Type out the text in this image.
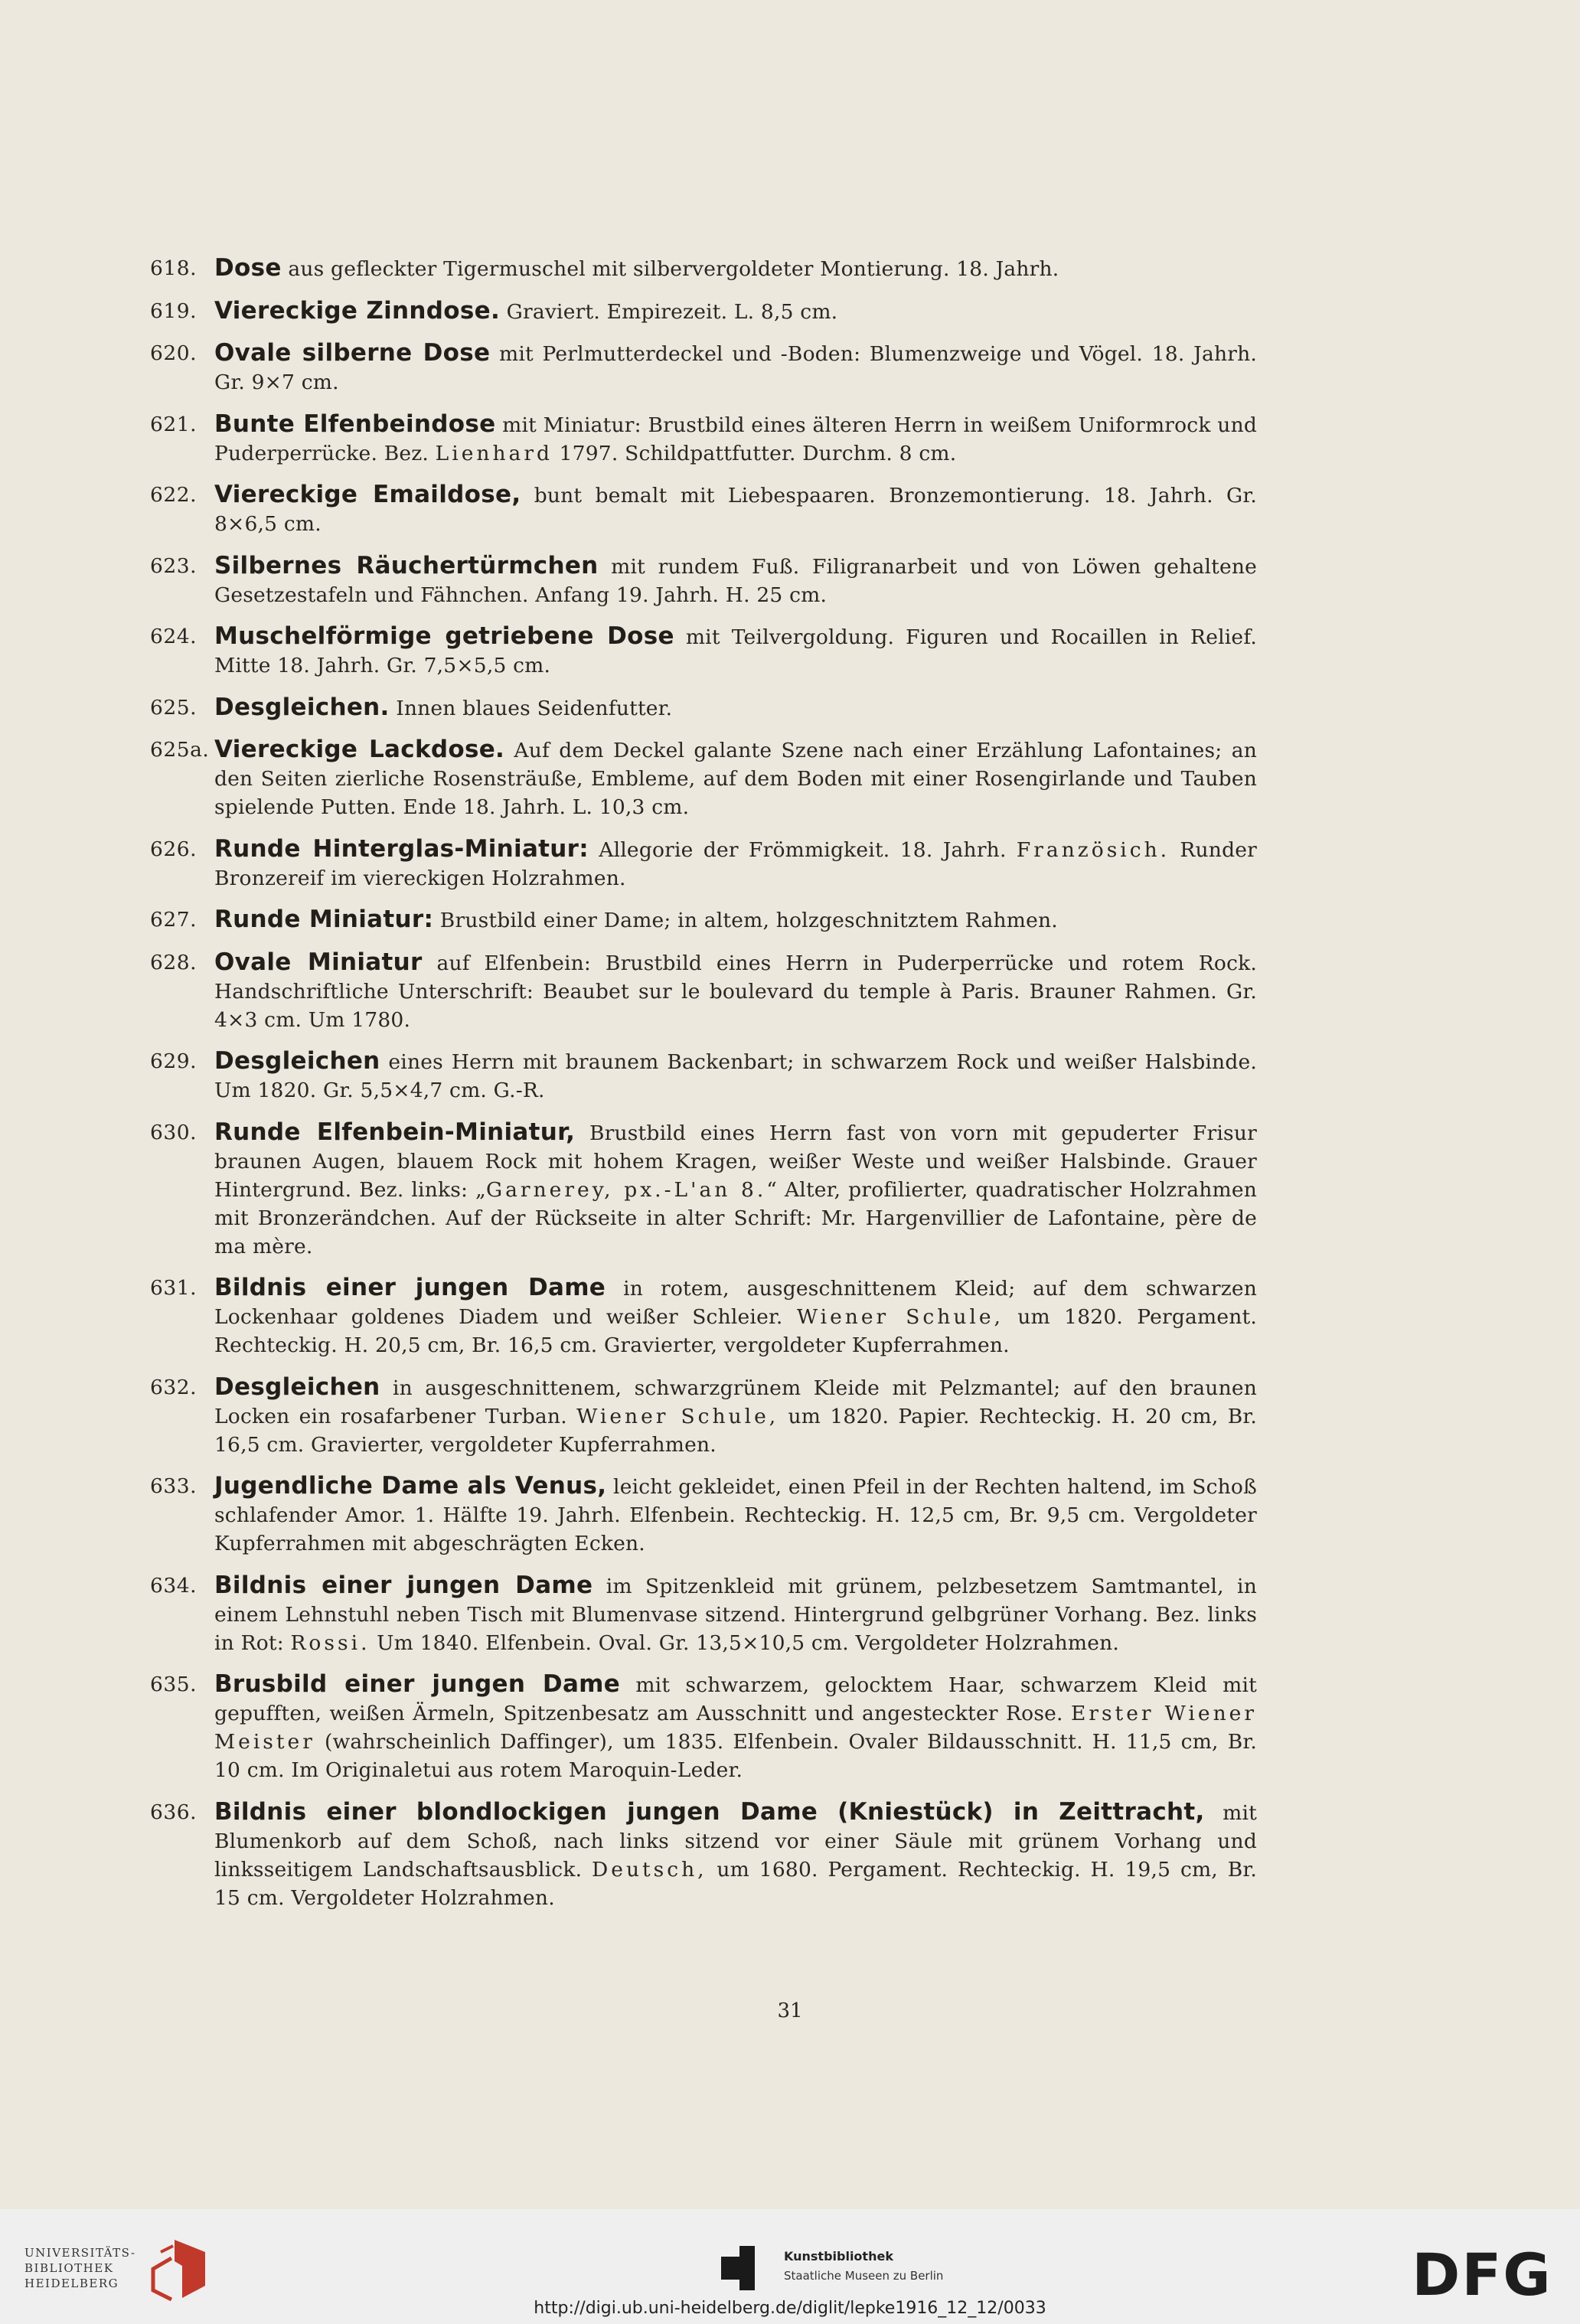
618. Dose aus gefleckter Tigermuschel mit silbervergoldeter Montierung. 18. Jahrh.
619. Viereckige Zinndose. Graviert. Empirezeit. L. 8,5 cm.
620. Ovale silberne Dose mit Perlmutterdeckel und -Boden: Blumenzweige und Vögel. 18. Jahrh. Gr. 9×7 cm.
621. Bunte Elfenbeindose mit Miniatur: Brustbild eines älteren Herrn in weißem Uniformrock und Puderperrücke. Bez. Lienhard 1797. Schildpattfutter. Durchm. 8 cm.
622. Viereckige Emaildose, bunt bemalt mit Liebespaaren. Bronzemontierung. 18. Jahrh. Gr. 8×6,5 cm.
623. Silbernes Räuchertürmchen mit rundem Fuß. Filigranarbeit und von Löwen gehaltene Gesetzestafeln und Fähnchen. Anfang 19. Jahrh. H. 25 cm.
624. Muschelförmige getriebene Dose mit Teilvergoldung. Figuren und Rocaillen in Relief. Mitte 18. Jahrh. Gr. 7,5×5,5 cm.
625. Desgleichen. Innen blaues Seidenfutter.
625a. Viereckige Lackdose. Auf dem Deckel galante Szene nach einer Erzählung Lafontaines; an den Seiten zierliche Rosensträuße, Embleme, auf dem Boden mit einer Rosengirlande und Tauben spielende Putten. Ende 18. Jahrh. L. 10,3 cm.
626. Runde Hinterglas-Miniatur: Allegorie der Frömmigkeit. 18. Jahrh. Französich. Runder Bronzereif im viereckigen Holzrahmen.
627. Runde Miniatur: Brustbild einer Dame; in altem, holzgeschnitztem Rahmen.
628. Ovale Miniatur auf Elfenbein: Brustbild eines Herrn in Puderperrücke und rotem Rock. Handschriftliche Unterschrift: Beaubet sur le boulevard du temple à Paris. Brauner Rahmen. Gr. 4×3 cm. Um 1780.
629. Desgleichen eines Herrn mit braunem Backenbart; in schwarzem Rock und weißer Halsbinde. Um 1820. Gr. 5,5×4,7 cm. G.-R.
630. Runde Elfenbein-Miniatur, Brustbild eines Herrn fast von vorn mit gepuderter Frisur braunen Augen, blauem Rock mit hohem Kragen, weißer Weste und weißer Halsbinde. Grauer Hintergrund. Bez. links: „Garnerey, px.-L'an 8.“ Alter, profilierter, quadratischer Holzrahmen mit Bronzerändchen. Auf der Rückseite in alter Schrift: Mr. Hargenvillier de Lafontaine, père de ma mère.
631. Bildnis einer jungen Dame in rotem, ausgeschnittenem Kleid; auf dem schwarzen Lockenhaar goldenes Diadem und weißer Schleier. Wiener Schule, um 1820. Pergament. Rechteckig. H. 20,5 cm, Br. 16,5 cm. Gravierter, vergoldeter Kupferrahmen.
632. Desgleichen in ausgeschnittenem, schwarzgrünem Kleide mit Pelzmantel; auf den braunen Locken ein rosafarbener Turban. Wiener Schule, um 1820. Papier. Rechteckig. H. 20 cm, Br. 16,5 cm. Gravierter, vergoldeter Kupferrahmen.
633. Jugendliche Dame als Venus, leicht gekleidet, einen Pfeil in der Rechten haltend, im Schoß schlafender Amor. 1. Hälfte 19. Jahrh. Elfenbein. Rechteckig. H. 12,5 cm, Br. 9,5 cm. Vergoldeter Kupferrahmen mit abgeschrägten Ecken.
634. Bildnis einer jungen Dame im Spitzenkleid mit grünem, pelzbesetzem Samtmantel, in einem Lehnstuhl neben Tisch mit Blumenvase sitzend. Hintergrund gelbgrüner Vorhang. Bez. links in Rot: Rossi. Um 1840. Elfenbein. Oval. Gr. 13,5×10,5 cm. Vergoldeter Holzrahmen.
635. Brusbild einer jungen Dame mit schwarzem, gelocktem Haar, schwarzem Kleid mit gepufften, weißen Ärmeln, Spitzenbesatz am Ausschnitt und angesteckter Rose. Erster Wiener Meister (wahrscheinlich Daffinger), um 1835. Elfenbein. Ovaler Bildausschnitt. H. 11,5 cm, Br. 10 cm. Im Originaletui aus rotem Maroquin-Leder.
636. Bildnis einer blondlockigen jungen Dame (Kniestück) in Zeittracht, mit Blumenkorb auf dem Schoß, nach links sitzend vor einer Säule mit grünem Vorhang und linksseitigem Landschaftsausblick. Deutsch, um 1680. Pergament. Rechteckig. H. 19,5 cm, Br. 15 cm. Vergoldeter Holzrahmen.
31
UNIVERSITÄTS-
BIBLIOTHEK
HEIDELBERG
Kunstbibliothek
Staatliche Museen zu Berlin	DFG
http://digi.ub.uni-heidelberg.de/diglit/lepke1916_12_12/0033
